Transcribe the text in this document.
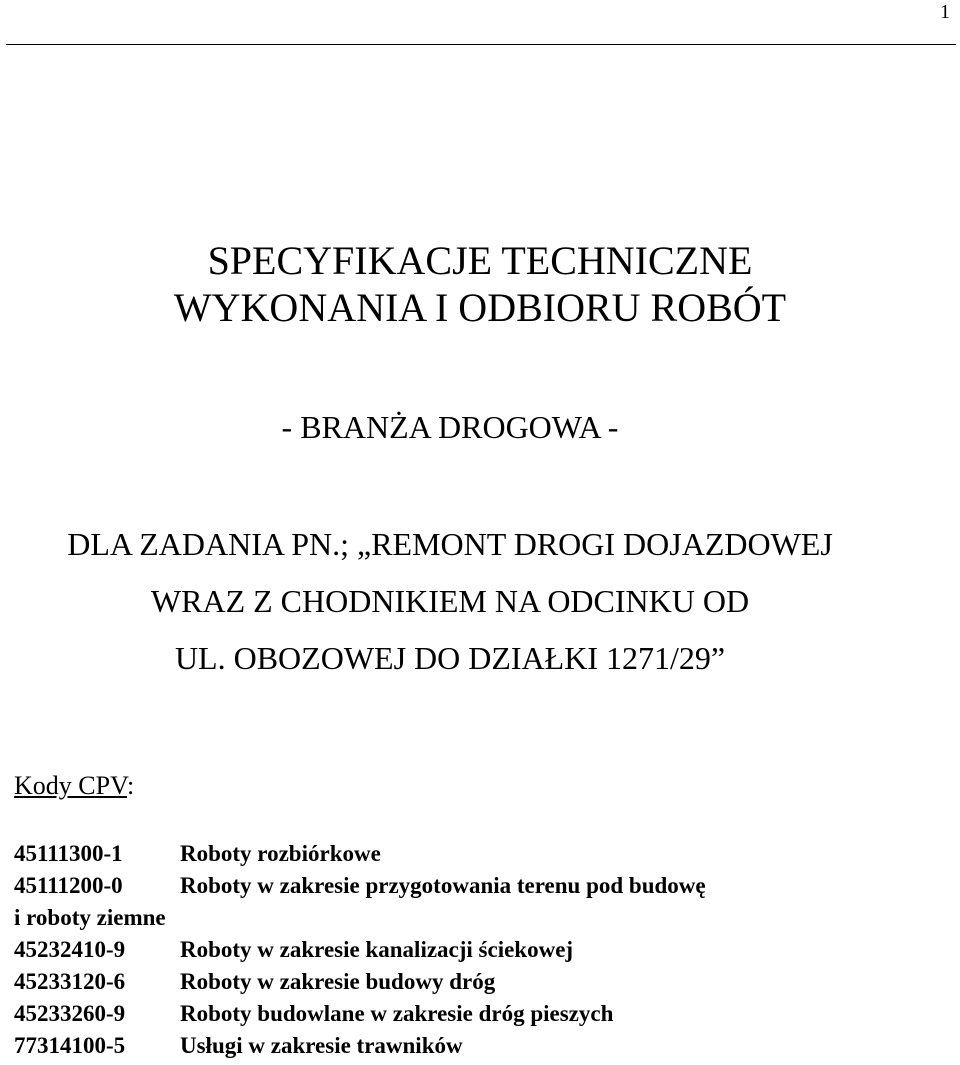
1
SPECYFIKACJE TECHNICZNE
WYKONANIA I ODBIORU ROBÓT
- BRANŻA DROGOWA -
DLA ZADANIA PN.; „REMONT DROGI DOJAZDOWEJ
WRAZ Z CHODNIKIEM NA ODCINKU OD
UL. OBOZOWEJ DO DZIAŁKI 1271/29”
Kody CPV:
45111300-1 Roboty rozbiórkowe
45111200-0 Roboty w zakresie przygotowania terenu pod budowę
i roboty ziemne
45232410-9 Roboty w zakresie kanalizacji ściekowej
45233120-6 Roboty w zakresie budowy dróg
45233260-9 Roboty budowlane w zakresie dróg pieszych
77314100-5 Usługi w zakresie trawników
